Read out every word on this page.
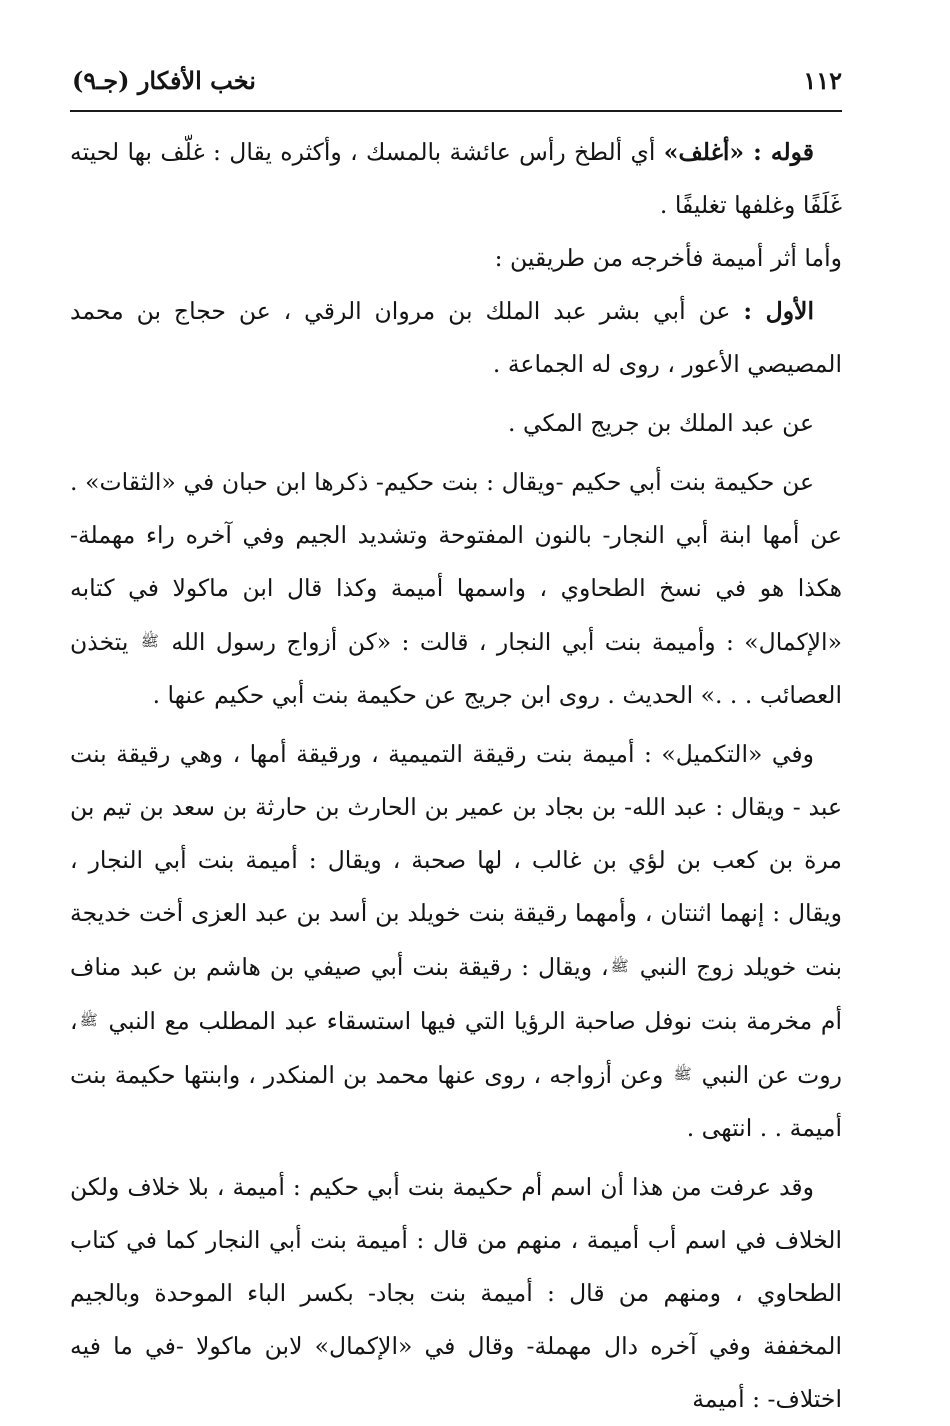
١١٢
نخب الأفكار (جـ٩)

قوله : «أغلف» أي ألطخ رأس عائشة بالمسك ، وأكثره يقال : غلّف بها لحيته غَلَفًا وغلفها تغليفًا .

وأما أثر أميمة فأخرجه من طريقين :

الأول : عن أبي بشر عبد الملك بن مروان الرقي ، عن حجاج بن محمد المصيصي الأعور ، روى له الجماعة .

عن عبد الملك بن جريج المكي .

عن حكيمة بنت أبي حكيم -ويقال : بنت حكيم- ذكرها ابن حبان في «الثقات» . عن أمها ابنة أبي النجار- بالنون المفتوحة وتشديد الجيم وفي آخره راء مهملة- هكذا هو في نسخ الطحاوي ، واسمها أميمة وكذا قال ابن ماكولا في كتابه «الإكمال» : وأميمة بنت أبي النجار ، قالت : «كن أزواج رسول الله ﷺ يتخذن العصائب . . .» الحديث . روى ابن جريج عن حكيمة بنت أبي حكيم عنها .

وفي «التكميل» : أميمة بنت رقيقة التميمية ، ورقيقة أمها ، وهي رقيقة بنت عبد - ويقال : عبد الله- بن بجاد بن عمير بن الحارث بن حارثة بن سعد بن تيم بن مرة بن كعب بن لؤي بن غالب ، لها صحبة ، ويقال : أميمة بنت أبي النجار ، ويقال : إنهما اثنتان ، وأمهما رقيقة بنت خويلد بن أسد بن عبد العزى أخت خديجة بنت خويلد زوج النبي ﷺ، ويقال : رقيقة بنت أبي صيفي بن هاشم بن عبد مناف أم مخرمة بنت نوفل صاحبة الرؤيا التي فيها استسقاء عبد المطلب مع النبي ﷺ، روت عن النبي ﷺ وعن أزواجه ، روى عنها محمد بن المنكدر ، وابنتها حكيمة بنت أميمة . . انتهى .

وقد عرفت من هذا أن اسم أم حكيمة بنت أبي حكيم : أميمة ، بلا خلاف ولكن الخلاف في اسم أب أميمة ، منهم من قال : أميمة بنت أبي النجار كما في كتاب الطحاوي ، ومنهم من قال : أميمة بنت بجاد- بكسر الباء الموحدة وبالجيم المخففة وفي آخره دال مهملة- وقال في «الإكمال» لابن ماكولا -في ما فيه اختلاف- : أميمة
